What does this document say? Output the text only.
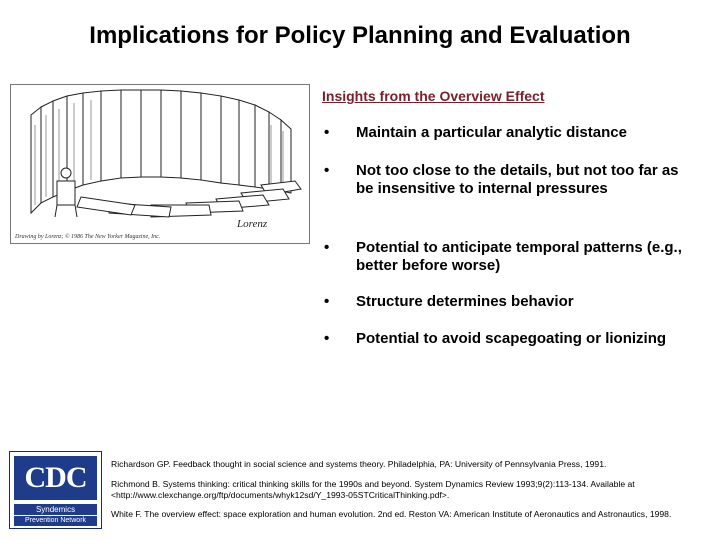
Implications for Policy Planning and Evaluation
Lorenz
Drawing by Lorenz; © 1986 The New Yorker Magazine, Inc.
Insights from the Overview Effect
• Maintain a particular analytic distance
• Not too close to the details, but not too far as be insensitive to internal pressures
• Potential to anticipate temporal patterns (e.g., better before worse)
• Structure determines behavior
• Potential to avoid scapegoating or lionizing
CDC
Syndemics
Prevention Network
Richardson GP. Feedback thought in social science and systems theory. Philadelphia, PA: University of Pennsylvania Press, 1991.
Richmond B. Systems thinking: critical thinking skills for the 1990s and beyond. System Dynamics Review 1993;9(2):113-134. Available at <http://www.clexchange.org/ftp/documents/whyk12sd/Y_1993-05STCriticalThinking.pdf>.
White F. The overview effect: space exploration and human evolution. 2nd ed. Reston VA: American Institute of Aeronautics and Astronautics, 1998.
